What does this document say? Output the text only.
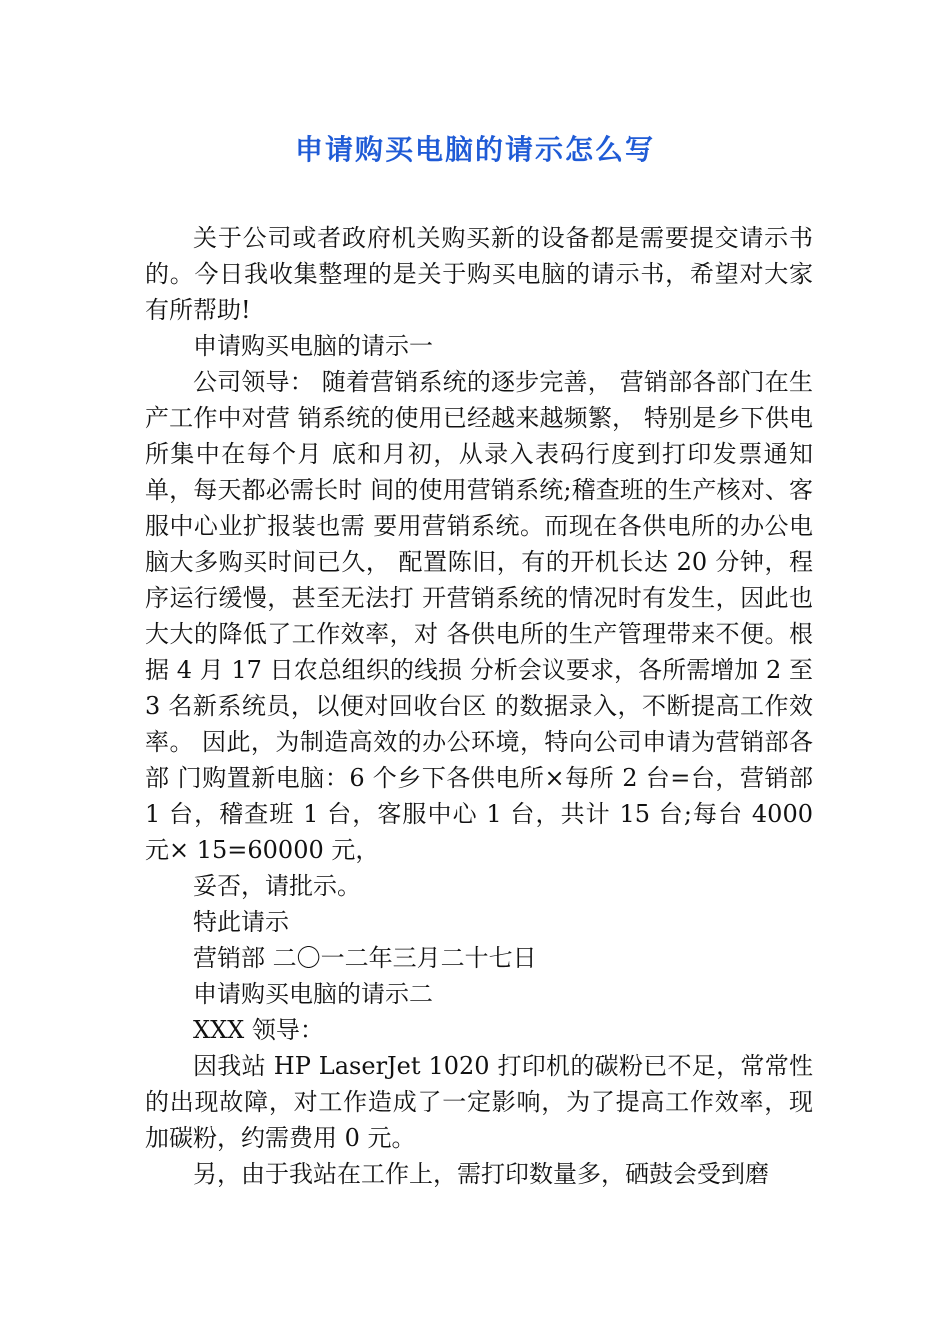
申请购买电脑的请示怎么写

关于公司或者政府机关购买新的设备都是需要提交请示书的。今日我收集整理的是关于购买电脑的请示书，希望对大家有所帮助!

申请购买电脑的请示一

公司领导： 随着营销系统的逐步完善， 营销部各部门在生产工作中对营 销系统的使用已经越来越频繁， 特别是乡下供电所集中在每个月 底和月初，从录入表码行度到打印发票通知单，每天都必需长时 间的使用营销系统;稽查班的生产核对、客服中心业扩报装也需 要用营销系统。而现在各供电所的办公电脑大多购买时间已久， 配置陈旧，有的开机长达 20 分钟，程序运行缓慢，甚至无法打 开营销系统的情况时有发生，因此也大大的降低了工作效率，对 各供电所的生产管理带来不便。根据 4 月 17 日农总组织的线损 分析会议要求，各所需增加 2 至 3 名新系统员，以便对回收台区 的数据录入，不断提高工作效率。 因此，为制造高效的办公环境，特向公司申请为营销部各部 门购置新电脑：6 个乡下各供电所×每所 2 台=台，营销部 1 台，稽查班 1 台，客服中心 1 台，共计 15 台;每台 4000 元× 15=60000 元，

妥否，请批示。

特此请示

营销部 二〇一二年三月二十七日

申请购买电脑的请示二

XXX 领导：

因我站 HP LaserJet 1020 打印机的碳粉已不足，常常性的出现故障，对工作造成了一定影响，为了提高工作效率，现加碳粉，约需费用 0 元。

另，由于我站在工作上，需打印数量多，硒鼓会受到磨
